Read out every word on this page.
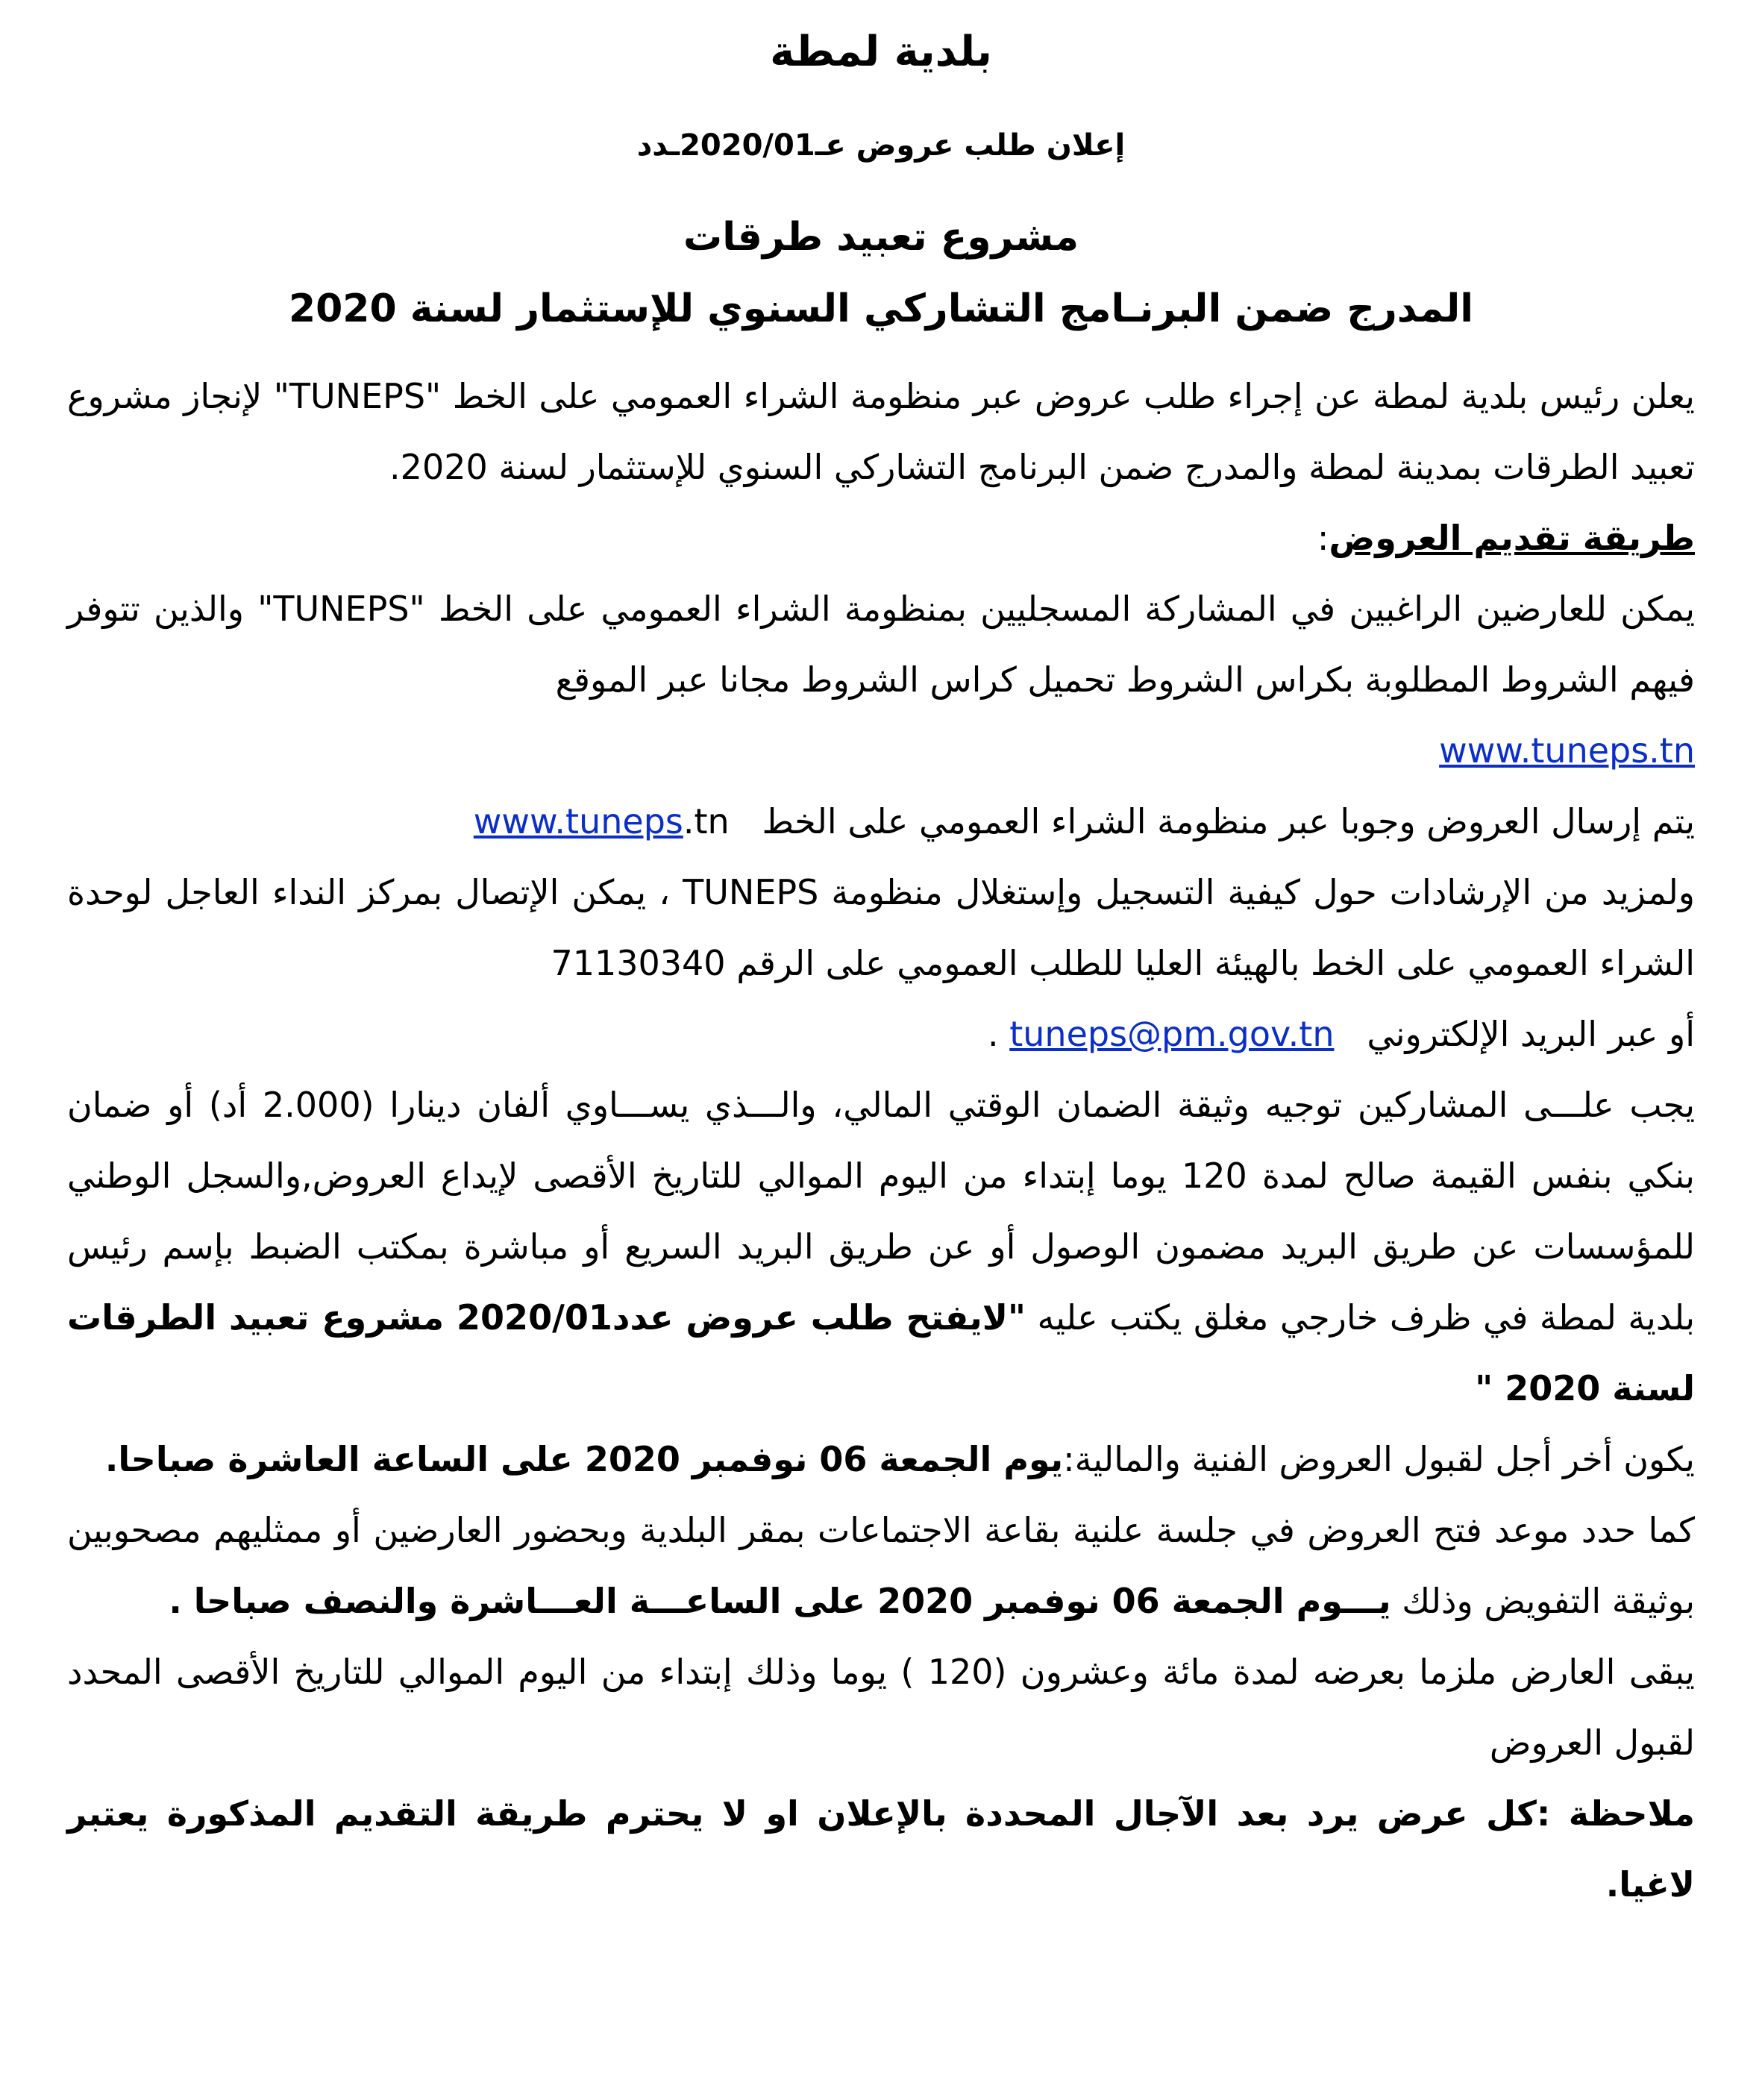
بلدية لمطة
إعلان طلب عروض عـ2020/01ـدد
مشروع تعبيد طرقات
المدرج ضمن البرنـامج التشاركي السنوي للإستثمار لسنة 2020

يعلن رئيس بلدية لمطة عن إجراء طلب عروض عبر منظومة الشراء العمومي على الخط "TUNEPS" لإنجاز مشروع تعبيد الطرقات بمدينة لمطة والمدرج ضمن البرنامج التشاركي السنوي للإستثمار لسنة 2020.

طريقة تقديم العروض:

يمكن للعارضين الراغبين في المشاركة المسجليين بمنظومة الشراء العمومي على الخط "TUNEPS" والذين تتوفر فيهم الشروط المطلوبة بكراس الشروط تحميل كراس الشروط مجانا عبر الموقع
www.tuneps.tn

يتم إرسال العروض وجوبا عبر منظومة الشراء العمومي على الخط   www.tuneps.tn

ولمزيد من الإرشادات حول كيفية التسجيل وإستغلال منظومة TUNEPS ، يمكن الإتصال بمركز النداء العاجل لوحدة الشراء العمومي على الخط بالهيئة العليا للطلب العمومي على الرقم 71130340
أو عبر البريد الإلكتروني   tuneps@pm.gov.tn .

يجب علـــى المشاركين توجيه وثيقة الضمان الوقتي المالي، والـــذي يســـاوي ألفان دينارا (2.000 أد) أو ضمان بنكي بنفس القيمة صالح لمدة 120 يوما إبتداء من اليوم الموالي للتاريخ الأقصى لإيداع العروض,والسجل الوطني للمؤسسات عن طريق البريد مضمون الوصول أو عن طريق البريد السريع أو مباشرة بمكتب الضبط بإسم رئيس بلدية لمطة في ظرف خارجي مغلق يكتب عليه "لايفتح طلب عروض عدد2020/01 مشروع تعبيد الطرقات لسنة 2020 "

يكون أخر أجل لقبول العروض الفنية والمالية:يوم الجمعة 06 نوفمبر 2020 على الساعة العاشرة صباحا.

كما حدد موعد فتح العروض في جلسة علنية بقاعة الاجتماعات بمقر البلدية وبحضور العارضين أو ممثليهم مصحوبين بوثيقة التفويض وذلك يـــوم الجمعة 06 نوفمبر 2020 على الساعـــة العـــاشرة والنصف صباحا .

يبقى العارض ملزما بعرضه لمدة مائة وعشرون (120 ) يوما وذلك إبتداء من اليوم الموالي للتاريخ الأقصى المحدد لقبول العروض

ملاحظة :كل عرض يرد بعد الآجال المحددة بالإعلان او لا يحترم طريقة التقديم المذكورة يعتبر لاغيا.
